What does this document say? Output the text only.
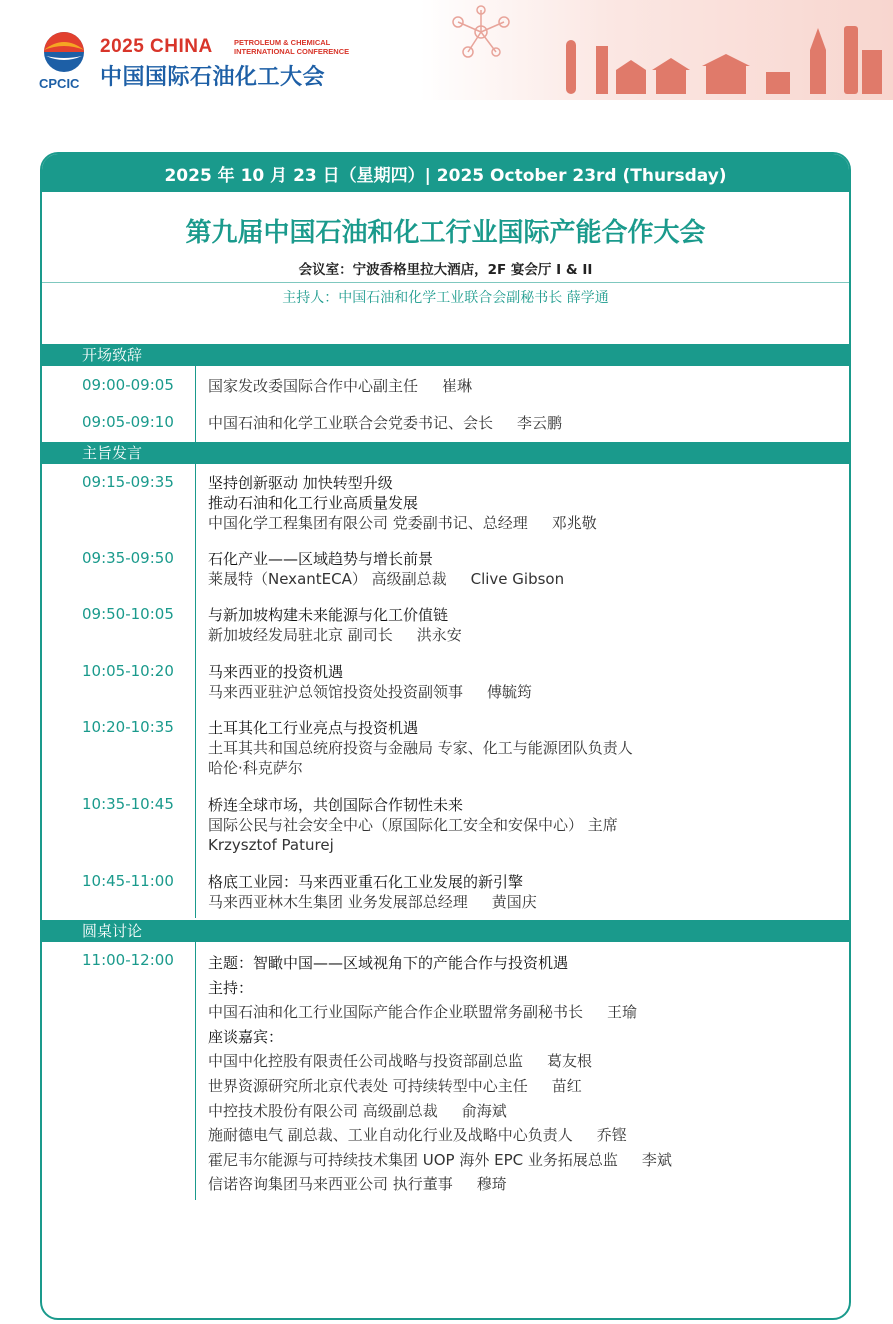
2025 CHINA	PETROLEUM & CHEMICAL
INTERNATIONAL CONFERENCE
中国国际石油化工大会
CPCIC
2025 年 10 月 23 日（星期四）| 2025 October 23rd (Thursday)
第九届中国石油和化工行业国际产能合作大会
会议室：宁波香格里拉大酒店，2F 宴会厅 I & II
主持人：中国石油和化学工业联合会副秘书长 薛学通
开场致辞
09:00-09:05 国家发改委国际合作中心副主任 崔琳
09:05-09:10 中国石油和化学工业联合会党委书记、会长 李云鹏
主旨发言
09:15-09:35 坚持创新驱动 加快转型升级
推动石油和化工行业高质量发展
中国化学工程集团有限公司 党委副书记、总经理 邓兆敬
09:35-09:50 石化产业——区域趋势与增长前景
莱晟特（NexantECA） 高级副总裁 Clive Gibson
09:50-10:05 与新加坡构建未来能源与化工价值链
新加坡经发局驻北京 副司长 洪永安
10:05-10:20 马来西亚的投资机遇
马来西亚驻沪总领馆投资处投资副领事 傅毓筠
10:20-10:35 土耳其化工行业亮点与投资机遇
土耳其共和国总统府投资与金融局 专家、化工与能源团队负责人
哈伦·科克萨尔
10:35-10:45 桥连全球市场，共创国际合作韧性未来
国际公民与社会安全中心（原国际化工安全和安保中心） 主席
Krzysztof Paturej
10:45-11:00 格底工业园：马来西亚重石化工业发展的新引擎
马来西亚林木生集团 业务发展部总经理 黄国庆
圆桌讨论
11:00-12:00 主题：智瞰中国——区域视角下的产能合作与投资机遇
主持：
中国石油和化工行业国际产能合作企业联盟常务副秘书长 王瑜
座谈嘉宾：
中国中化控股有限责任公司战略与投资部副总监 葛友根
世界资源研究所北京代表处 可持续转型中心主任 苗红
中控技术股份有限公司 高级副总裁 俞海斌
施耐德电气 副总裁、工业自动化行业及战略中心负责人 乔铿
霍尼韦尔能源与可持续技术集团 UOP 海外 EPC 业务拓展总监 李斌
信诺咨询集团马来西亚公司 执行董事 穆琦
